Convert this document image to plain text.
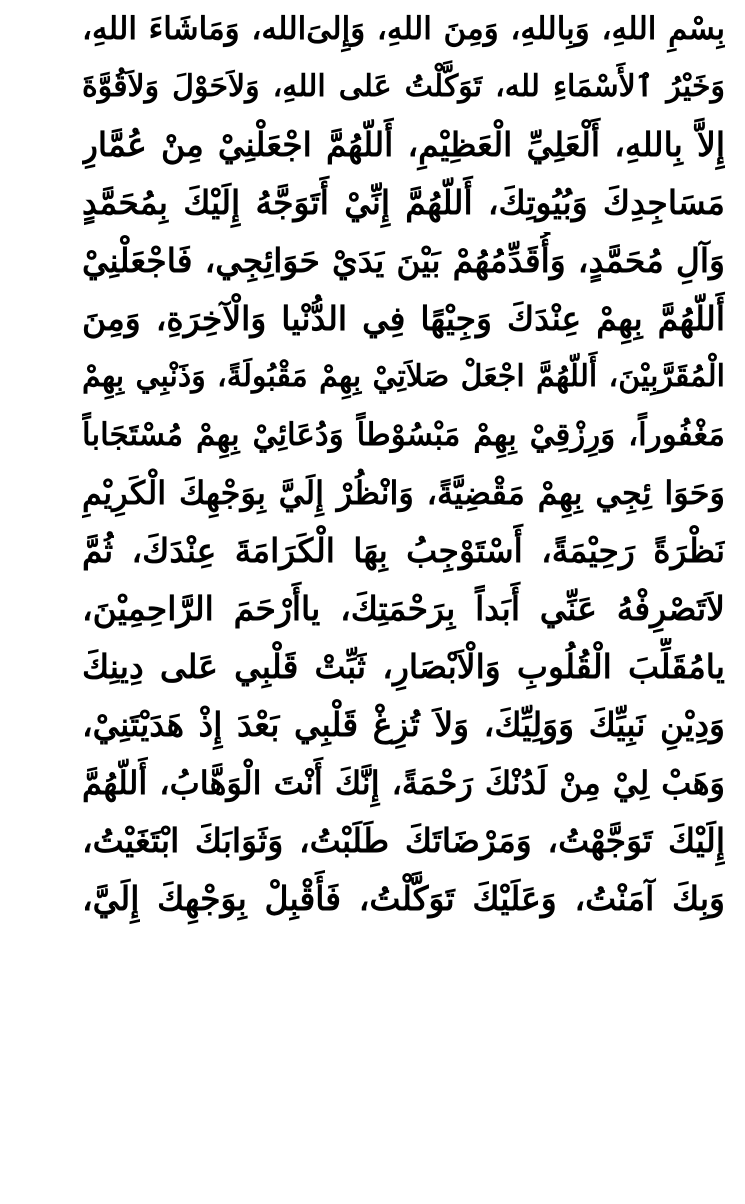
بِسْمِ اللهِ، وَبِاللهِ، وَمِنَ اللهِ، وَإِلىَ‌الله، وَمَاشَاءَ اللهِ،
وَخَيْرُ ٱلأَسْمَاءِ لله، تَوَكَّلْتُ عَلى اللهِ، وَلاَحَوْلَ وَلاَقُوَّةَ
إِلاَّ بِاللهِ، أَلْعَلِيِّ الْعَظِيْمِ، أَللّهُمَّ اجْعَلْنِيْ مِنْ عُمَّارِ
مَسَاجِدِكَ وَبُيُوتِكَ، أَللّهُمَّ إِنِّيْ أَتَوَجَّهُ إِلَيْكَ بِمُحَمَّدٍ
وَآلِ مُحَمَّدٍ، وَأُقَدِّمُهُمْ بَيْنَ يَدَيْ حَوَائِجِي، فَاجْعَلْنِيْ
أَللّهُمَّ بِهِمْ عِنْدَكَ وَجِيْهًا فِي الدُّنْيا وَالْآخِرَةِ، وَمِنَ
الْمُقَرَّبِيْنَ، أَللّهُمَّ اجْعَلْ صَلاَتِيْ بِهِمْ مَقْبُولَةً، وَذَنْبِي بِهِمْ
مَغْفُوراً، وَرِزْقِيْ بِهِمْ مَبْسُوْطاً وَدُعَائِيْ بِهِمْ مُسْتَجَاباً
وَحَوَا ئِجِي بِهِمْ مَقْضِيَّةً، وَانْظُرْ إِلَيَّ بِوَجْهِكَ الْكَرِيْمِ
نَظْرَةً رَحِيْمَةً، أَسْتَوْجِبُ بِهَا الْكَرَامَةَ عِنْدَكَ، ثُمَّ
لاَتَصْرِفْهُ عَنِّي أَبَداً بِرَحْمَتِكَ، ياأَرْحَمَ الرَّاحِمِيْنَ،
يامُقَلِّبَ الْقُلُوبِ وَالْاَبْصَارِ، ثَبِّتْ قَلْبِي عَلى دِينِكَ
وَدِيْنِ نَبِيِّكَ وَوَلِيِّكَ، وَلاَ تُزِغْ قَلْبِي بَعْدَ إِذْ هَدَيْتَنِيْ،
وَهَبْ لِيْ مِنْ لَدُنْكَ رَحْمَةً، إِنَّكَ أَنْتَ الْوَهَّابُ، أَللّهُمَّ
إِلَيْكَ تَوَجَّهْتُ، وَمَرْضَاتَكَ طَلَبْتُ، وَثَوَابَكَ ابْتَغَيْتُ،
وَبِكَ آمَنْتُ، وَعَلَيْكَ تَوَكَّلْتُ، فَأَقْبِلْ بِوَجْهِكَ إِلَيَّ،
